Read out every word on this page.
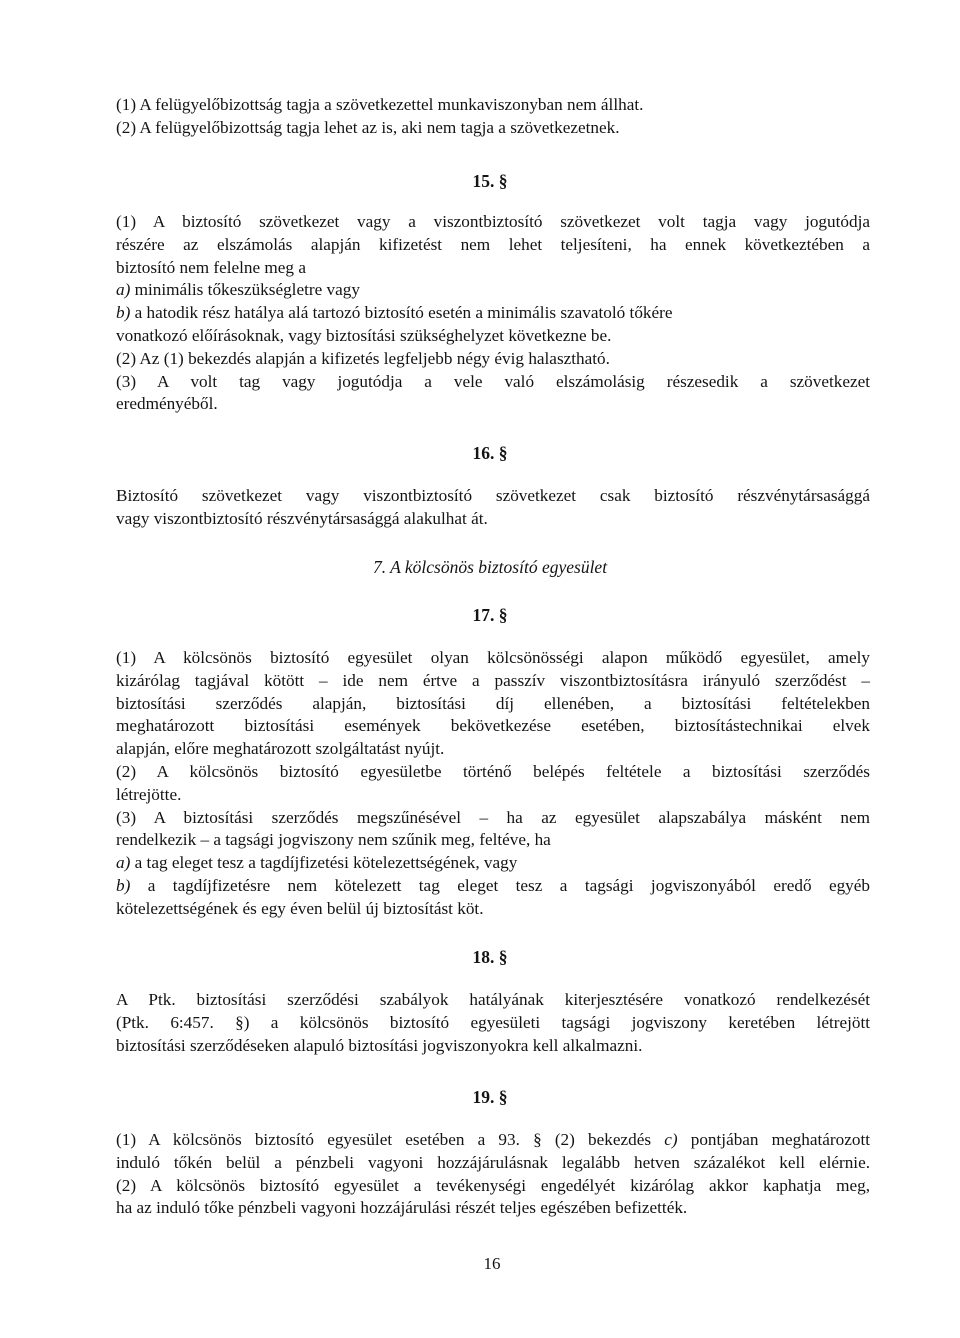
16

(1) A felügyelőbizottság tagja a szövetkezettel munkaviszonyban nem állhat.

(2) A felügyelőbizottság tagja lehet az is, aki nem tagja a szövetkezetnek.

15. §

(1) A biztosító szövetkezet vagy a viszontbiztosító szövetkezet volt tagja vagy jogutódja

részére az elszámolás alapján kifizetést nem lehet teljesíteni, ha ennek következtében a

biztosító nem felelne meg a

a) minimális tőkeszükségletre vagy

b) a hatodik rész hatálya alá tartozó biztosító esetén a minimális szavatoló tőkére

vonatkozó előírásoknak, vagy biztosítási szükséghelyzet következne be.

(2) Az (1) bekezdés alapján a kifizetés legfeljebb négy évig halasztható.

(3) A volt tag vagy jogutódja a vele való elszámolásig részesedik a szövetkezet

eredményéből.

16. §

Biztosító szövetkezet vagy viszontbiztosító szövetkezet csak biztosító részvénytársasággá

vagy viszontbiztosító részvénytársasággá alakulhat át.

7. A kölcsönös biztosító egyesület
17. §

(1) A kölcsönös biztosító egyesület olyan kölcsönösségi alapon működő egyesület, amely

kizárólag tagjával kötött – ide nem értve a passzív viszontbiztosításra irányuló szerződést –

biztosítási szerződés alapján, biztosítási díj ellenében, a biztosítási feltételekben

meghatározott biztosítási események bekövetkezése esetében, biztosítástechnikai elvek

alapján, előre meghatározott szolgáltatást nyújt.

(2) A kölcsönös biztosító egyesületbe történő belépés feltétele a biztosítási szerződés

létrejötte.

(3) A biztosítási szerződés megszűnésével – ha az egyesület alapszabálya másként nem

rendelkezik – a tagsági jogviszony nem szűnik meg, feltéve, ha

a) a tag eleget tesz a tagdíjfizetési kötelezettségének, vagy

b) a tagdíjfizetésre nem kötelezett tag eleget tesz a tagsági jogviszonyából eredő egyéb

kötelezettségének és egy éven belül új biztosítást köt.

18. §

A Ptk. biztosítási szerződési szabályok hatályának kiterjesztésére vonatkozó rendelkezését

(Ptk. 6:457. §) a kölcsönös biztosító egyesületi tagsági jogviszony keretében létrejött

biztosítási szerződéseken alapuló biztosítási jogviszonyokra kell alkalmazni.

19. §

(1) A kölcsönös biztosító egyesület esetében a 93. § (2) bekezdés c) pontjában meghatározott

induló tőkén belül a pénzbeli vagyoni hozzájárulásnak legalább hetven százalékot kell elérnie.

(2) A kölcsönös biztosító egyesület a tevékenységi engedélyét kizárólag akkor kaphatja meg,

ha az induló tőke pénzbeli vagyoni hozzájárulási részét teljes egészében befizették.
